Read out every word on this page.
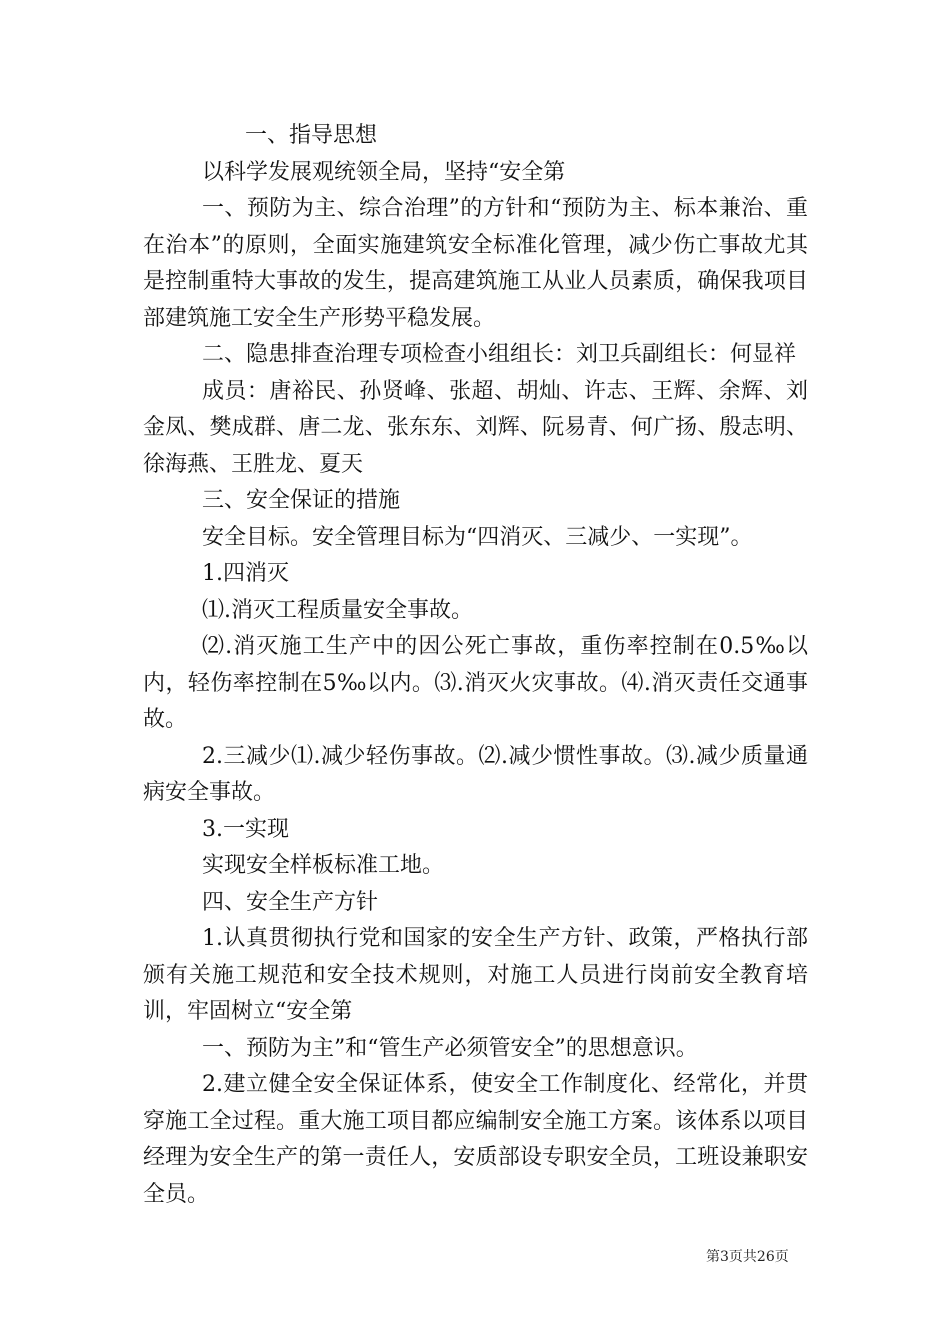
一、指导思想

以科学发展观统领全局，坚持“安全第

一、预防为主、综合治理”的方针和“预防为主、标本兼治、重在治本”的原则，全面实施建筑安全标准化管理，减少伤亡事故尤其是控制重特大事故的发生，提高建筑施工从业人员素质，确保我项目部建筑施工安全生产形势平稳发展。

二、隐患排查治理专项检查小组组长：刘卫兵副组长：何显祥

成员：唐裕民、孙贤峰、张超、胡灿、许志、王辉、余辉、刘金凤、樊成群、唐二龙、张东东、刘辉、阮易青、何广扬、殷志明、徐海燕、王胜龙、夏天

三、安全保证的措施

安全目标。安全管理目标为“四消灭、三减少、一实现”。

1.四消灭

⑴.消灭工程质量安全事故。

⑵.消灭施工生产中的因公死亡事故，重伤率控制在0.5‰以内，轻伤率控制在5‰以内。⑶.消灭火灾事故。⑷.消灭责任交通事故。

2.三减少⑴.减少轻伤事故。⑵.减少惯性事故。⑶.减少质量通病安全事故。

3.一实现

实现安全样板标准工地。

四、安全生产方针

1.认真贯彻执行党和国家的安全生产方针、政策，严格执行部颁有关施工规范和安全技术规则，对施工人员进行岗前安全教育培训，牢固树立“安全第

一、预防为主”和“管生产必须管安全”的思想意识。

2.建立健全安全保证体系，使安全工作制度化、经常化，并贯穿施工全过程。重大施工项目都应编制安全施工方案。该体系以项目经理为安全生产的第一责任人，安质部设专职安全员，工班设兼职安全员。

第3页共26页
